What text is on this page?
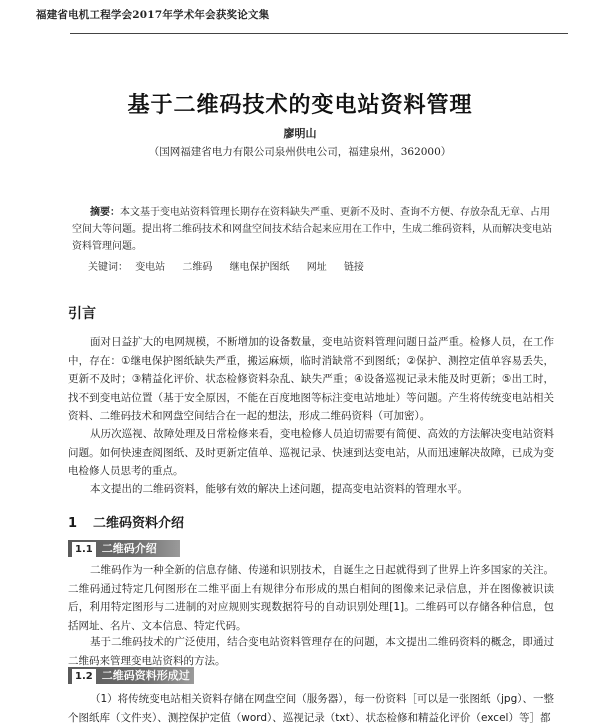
福建省电机工程学会2017年学术年会获奖论文集
基于二维码技术的变电站资料管理
廖明山
（国网福建省电力有限公司泉州供电公司，福建泉州，362000）
摘要：本文基于变电站资料管理长期存在资料缺失严重、更新不及时、查询不方便、存放杂乱无章、占用空间大等问题。提出将二维码技术和网盘空间技术结合起来应用在工作中，生成二维码资料，从而解决变电站资料管理问题。
关键词： 变电站 二维码 继电保护图纸 网址 链接
引言
面对日益扩大的电网规模，不断增加的设备数量，变电站资料管理问题日益严重。检修人员，在工作中，存在：①继电保护图纸缺失严重，搬运麻烦，临时消缺常不到图纸；②保护、测控定值单容易丢失，更新不及时；③精益化评价、状态检修资料杂乱、缺失严重；④设备巡视记录未能及时更新；⑤出工时，找不到变电站位置（基于安全原因，不能在百度地图等标注变电站地址）等问题。产生将传统变电站相关资料、二维码技术和网盘空间结合在一起的想法，形成二维码资料（可加密）。
从历次巡视、故障处理及日常检修来看，变电检修人员迫切需要有简便、高效的方法解决变电站资料问题。如何快速查阅图纸、及时更新定值单、巡视记录、快速到达变电站，从而迅速解决故障，已成为变电检修人员思考的重点。
本文提出的二维码资料，能够有效的解决上述问题，提高变电站资料的管理水平。
1 二维码资料介绍
1.1 二维码介绍
二维码作为一种全新的信息存储、传递和识别技术，自诞生之日起就得到了世界上许多国家的关注。二维码通过特定几何图形在二维平面上有规律分布形成的黑白相间的图像来记录信息，并在图像被识读后，利用特定图形与二进制的对应规则实现数据符号的自动识别处理[1]。二维码可以存储各种信息，包括网址、名片、文本信息、特定代码。
基于二维码技术的广泛使用，结合变电站资料管理存在的问题，本文提出二维码资料的概念，即通过二维码来管理变电站资料的方法。
1.2 二维码资料形成过程 （1）将传统变电站相关资料存储在网盘空间（服务器），每一份资料［可以是一张图纸（jpg）、一整个图纸库（文件夹）、测控保护定值（word）、巡视记录（txt）、状态检修和精益化评价（excel）等］都
